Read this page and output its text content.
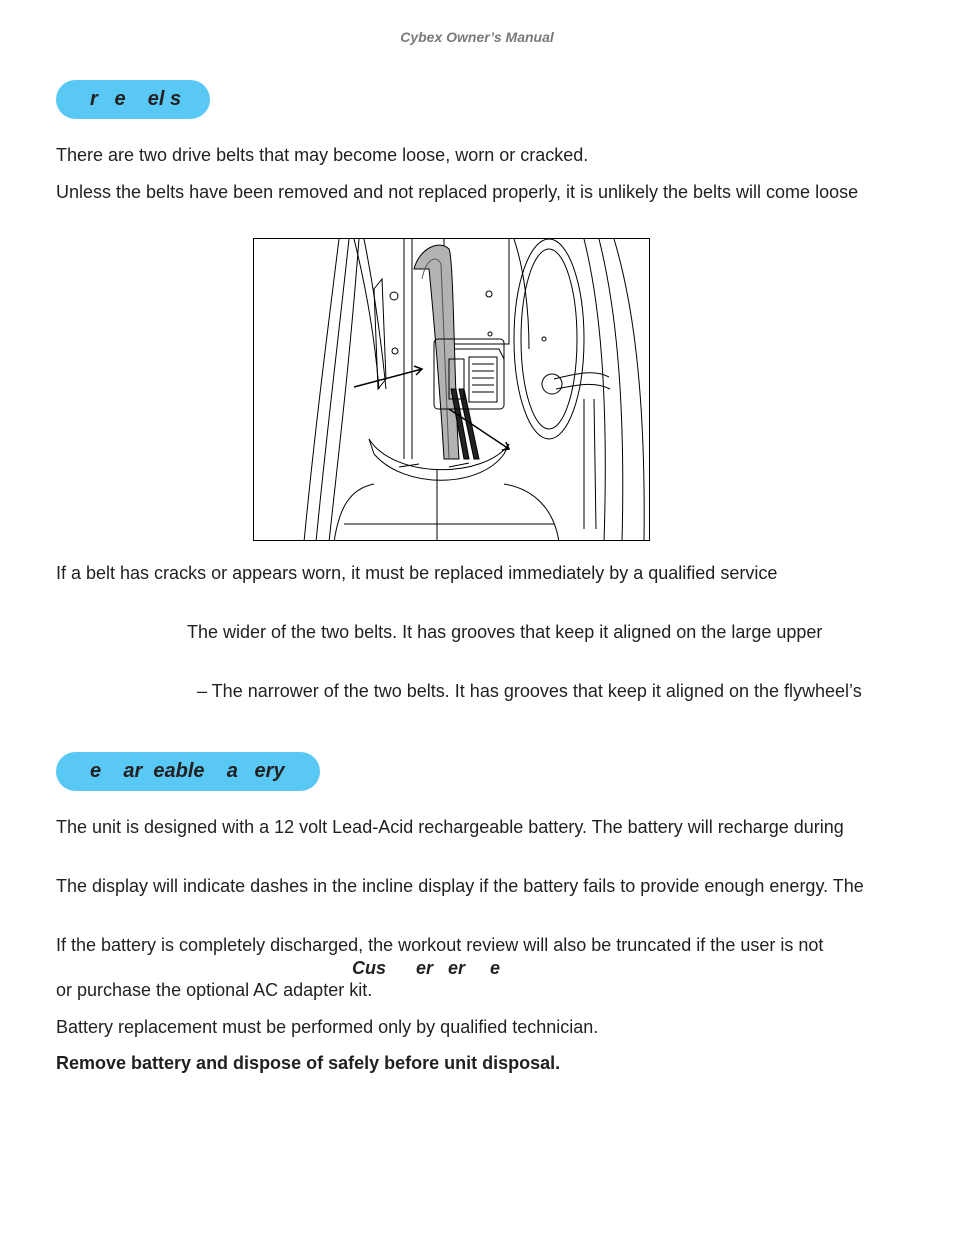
Cybex Owner’s Manual
r   e    el s
There are two drive belts that may become loose, worn or cracked.
Unless the belts have been removed and not replaced properly, it is unlikely the belts will come loose
If a belt has cracks or appears worn, it must be replaced immediately by a qualified service
The wider of the two belts. It has grooves that keep it aligned on the large upper
– The narrower of the two belts. It has grooves that keep it aligned on the flywheel’s
e    ar  eable    a   ery
The unit is designed with a 12 volt Lead-Acid rechargeable battery. The battery will recharge during
The display will indicate dashes in the incline display if the battery fails to provide enough energy. The
If the battery is completely discharged, the workout review will also be truncated if the user is not
Cus      er   er     e
or purchase the optional AC adapter kit.
Battery replacement must be performed only by qualified technician.
Remove battery and dispose of safely before unit disposal.
